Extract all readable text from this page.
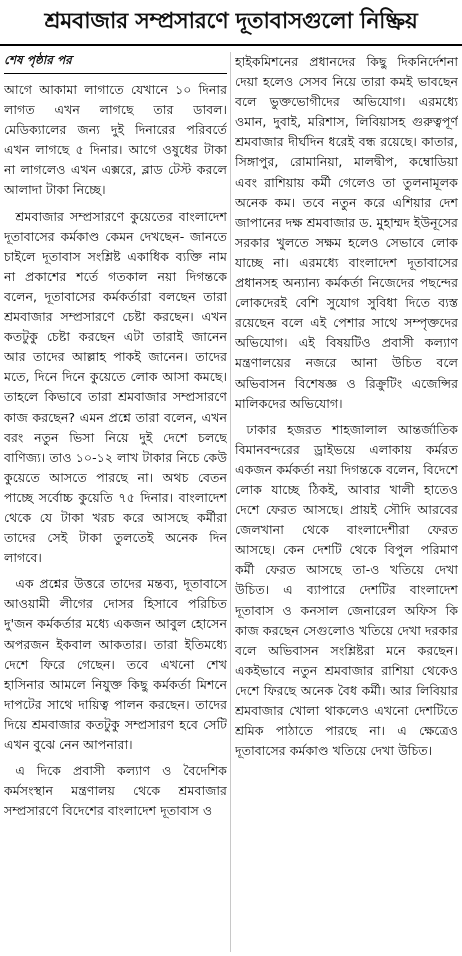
শ্রমবাজার সম্প্রসারণে দূতাবাসগুলো নিষ্ক্রিয়
শেষ পৃষ্ঠার পর

আগে আকামা লাগাতে যেখানে ১০ দিনার লাগত এখন লাগছে তার ডাবল। মেডিক্যালের জন্য দুই দিনারের পরিবর্তে এখন লাগছে ৫ দিনার। আগে ওষুধের টাকা না লাগলেও এখন এক্সরে, ব্লাড টেস্ট করলে আলাদা টাকা নিচ্ছে।

শ্রমবাজার সম্প্রসারণে কুয়েতের বাংলাদেশ দূতাবাসের কর্মকাণ্ড কেমন দেখছেন- জানতে চাইলে দূতাবাস সংশ্লিষ্ট একাধিক ব্যক্তি নাম না প্রকাশের শর্তে গতকাল নয়া দিগন্তকে বলেন, দূতাবাসের কর্মকর্তারা বলছেন তারা শ্রমবাজার সম্প্রসারণে চেষ্টা করছেন। এখন কতটুকু চেষ্টা করছেন এটা তারাই জানেন আর তাদের আল্লাহ পাকই জানেন। তাদের মতে, দিনে দিনে কুয়েতে লোক আসা কমছে। তাহলে কিভাবে তারা শ্রমবাজার সম্প্রসারণে কাজ করছেন? এমন প্রশ্নে তারা বলেন, এখন বরং নতুন ভিসা নিয়ে দুই দেশে চলছে বাণিজ্য। তাও ১০-১২ লাখ টাকার নিচে কেউ কুয়েতে আসতে পারছে না। অথচ বেতন পাচ্ছে সর্বোচ্চ কুয়েতি ৭৫ দিনার। বাংলাদেশ থেকে যে টাকা খরচ করে আসছে কর্মীরা তাদের সেই টাকা তুলতেই অনেক দিন লাগবে।

এক প্রশ্নের উত্তরে তাদের মন্তব্য, দূতাবাসে আওয়ামী লীগের দোসর হিসাবে পরিচিত দু'জন কর্মকর্তার মধ্যে একজন আবুল হোসেন অপরজন ইকবাল আকতার। তারা ইতিমধ্যে দেশে ফিরে গেছেন। তবে এখনো শেখ হাসিনার আমলে নিযুক্ত কিছু কর্মকর্তা মিশনে দাপটের সাথে দায়িত্ব পালন করছেন। তাদের দিয়ে শ্রমবাজার কতটুকু সম্প্রসারণ হবে সেটি এখন বুঝে নেন আপনারা।

এ দিকে প্রবাসী কল্যাণ ও বৈদেশিক কর্মসংস্থান মন্ত্রণালয় থেকে শ্রমবাজার সম্প্রসারণে বিদেশের বাংলাদেশ দূতাবাস ও

হাইকমিশনের প্রধানদের কিছু দিকনির্দেশনা দেয়া হলেও সেসব নিয়ে তারা কমই ভাবছেন বলে ভুক্তভোগীদের অভিযোগ। এরমধ্যে ওমান, দুবাই, মরিশাস, লিবিয়াসহ গুরুত্বপূর্ণ শ্রমবাজার দীর্ঘদিন ধরেই বন্ধ রয়েছে। কাতার, সিঙ্গাপুর, রোমানিয়া, মালদ্বীপ, কম্বোডিয়া এবং রাশিয়ায় কর্মী গেলেও তা তুলনামূলক অনেক কম। তবে নতুন করে এশিয়ার দেশ জাপানের দক্ষ শ্রমবাজার ড. মুহাম্মদ ইউনূসের সরকার খুলতে সক্ষম হলেও সেভাবে লোক যাচ্ছে না। এরমধ্যে বাংলাদেশ দূতাবাসের প্রধানসহ অন্যান্য কর্মকর্তা নিজেদের পছন্দের লোকদেরই বেশি সুযোগ সুবিধা দিতে ব্যস্ত রয়েছেন বলে এই পেশার সাথে সম্পৃক্তদের অভিযোগ। এই বিষয়টিও প্রবাসী কল্যাণ মন্ত্রণালয়ের নজরে আনা উচিত বলে অভিবাসন বিশেষজ্ঞ ও রিক্রুটিং এজেন্সির মালিকদের অভিযোগ।

ঢাকার হজরত শাহজালাল আন্তর্জাতিক বিমানবন্দরের ড্রাইভয়ে এলাকায় কর্মরত একজন কর্মকর্তা নয়া দিগন্তকে বলেন, বিদেশে লোক যাচ্ছে ঠিকই, আবার খালী হাতেও দেশে ফেরত আসছে। প্রায়ই সৌদি আরবের জেলখানা থেকে বাংলাদেশীরা ফেরত আসছে। কেন দেশটি থেকে বিপুল পরিমাণ কর্মী ফেরত আসছে তা-ও খতিয়ে দেখা উচিত। এ ব্যাপারে দেশটির বাংলাদেশ দূতাবাস ও কনসাল জেনারেল অফিস কি কাজ করছেন সেগুলোও খতিয়ে দেখা দরকার বলে অভিবাসন সংশ্লিষ্টরা মনে করছেন। একইভাবে নতুন শ্রমবাজার রাশিয়া থেকেও দেশে ফিরছে অনেক বৈধ কর্মী। আর লিবিয়ার শ্রমবাজার খোলা থাকলেও এখনো দেশটিতে শ্রমিক পাঠাতে পারছে না। এ ক্ষেত্রেও দূতাবাসের কর্মকাণ্ড খতিয়ে দেখা উচিত।
